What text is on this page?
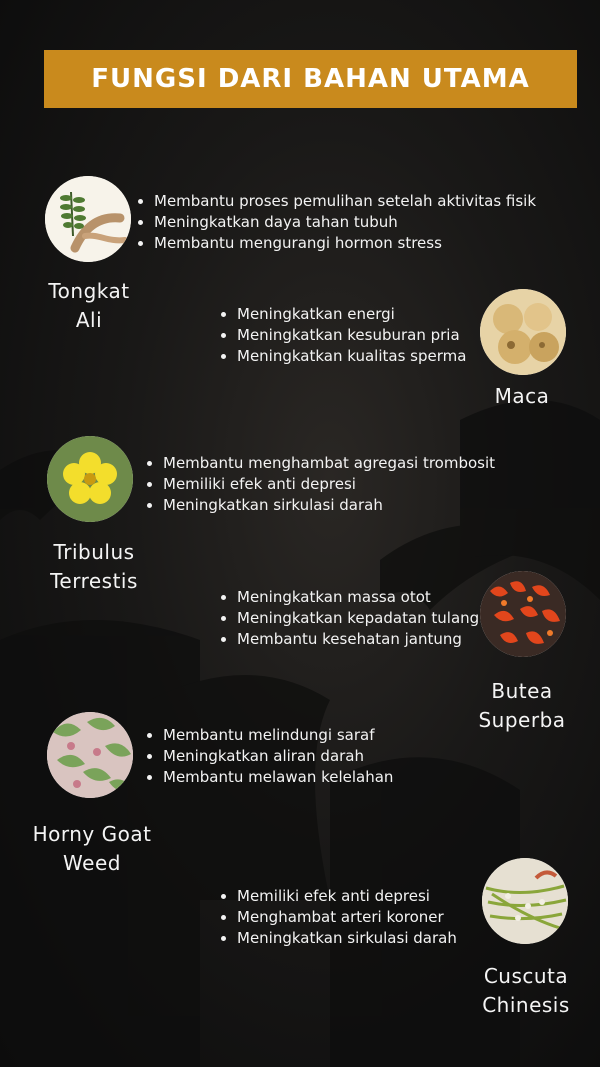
FUNGSI DARI BAHAN UTAMA
Tongkat
Ali
• Membantu proses pemulihan setelah aktivitas fisik
• Meningkatkan daya tahan tubuh
• Membantu mengurangi hormon stress
Maca
• Meningkatkan energi
• Meningkatkan kesuburan pria
• Meningkatkan kualitas sperma
Tribulus
Terrestis
• Membantu menghambat agregasi trombosit
• Memiliki efek anti depresi
• Meningkatkan sirkulasi darah
Butea
Superba
• Meningkatkan massa otot
• Meningkatkan kepadatan tulang
• Membantu kesehatan jantung
Horny Goat
Weed
• Membantu melindungi saraf
• Meningkatkan aliran darah
• Membantu melawan kelelahan
Cuscuta
Chinesis
• Memiliki efek anti depresi
• Menghambat arteri koroner
• Meningkatkan sirkulasi darah
